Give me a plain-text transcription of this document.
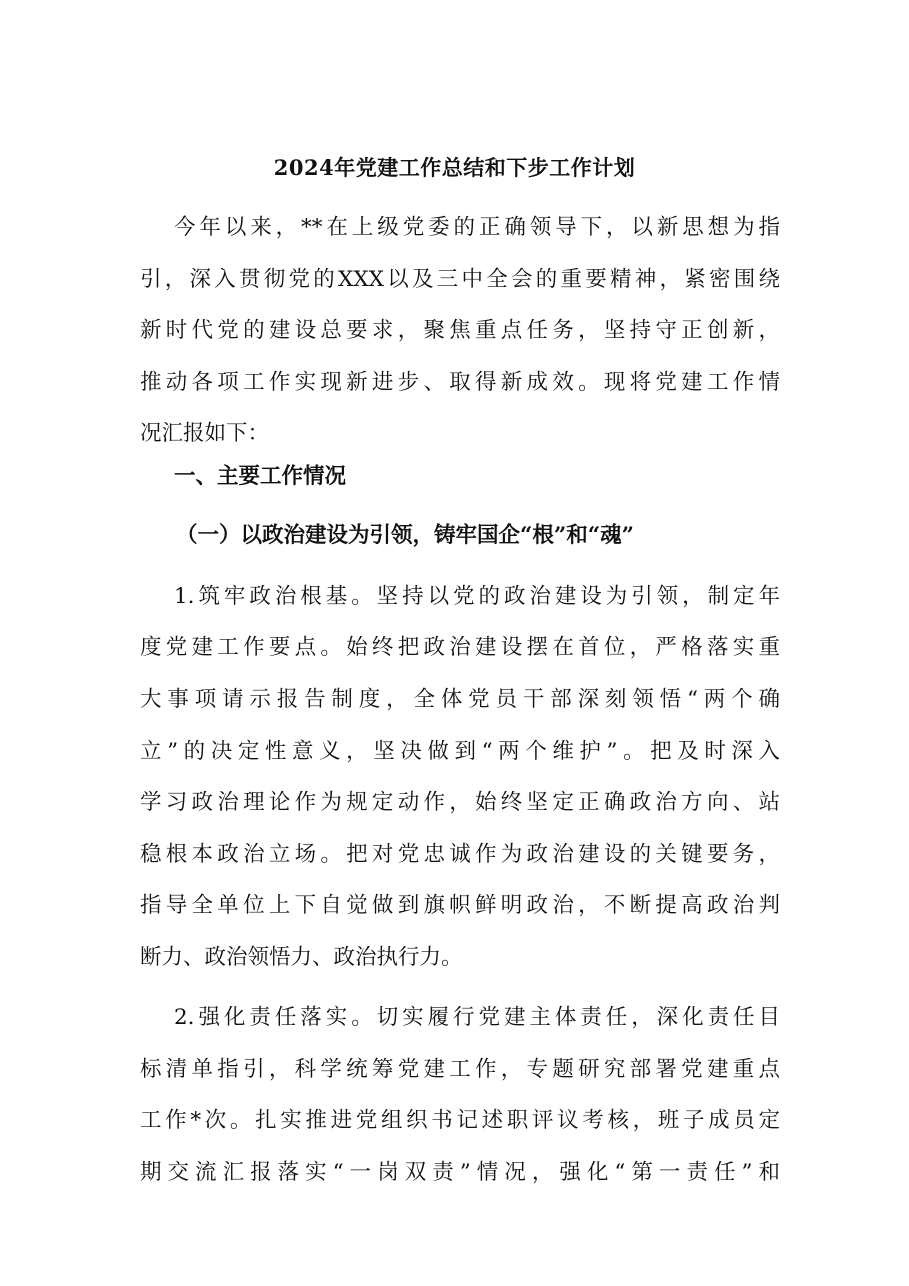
2024年党建工作总结和下步工作计划
今年以来，**在上级党委的正确领导下，以新思想为指
引，深入贯彻党的XXX以及三中全会的重要精神，紧密围绕
新时代党的建设总要求，聚焦重点任务，坚持守正创新，
推动各项工作实现新进步、取得新成效。现将党建工作情
况汇报如下：
一、主要工作情况
（一）以政治建设为引领，铸牢国企“根”和“魂”
1.筑牢政治根基。坚持以党的政治建设为引领，制定年
度党建工作要点。始终把政治建设摆在首位，严格落实重
大事项请示报告制度，全体党员干部深刻领悟“两个确
立”的决定性意义，坚决做到“两个维护”。把及时深入
学习政治理论作为规定动作，始终坚定正确政治方向、站
稳根本政治立场。把对党忠诚作为政治建设的关键要务，
指导全单位上下自觉做到旗帜鲜明政治，不断提高政治判
断力、政治领悟力、政治执行力。
2.强化责任落实。切实履行党建主体责任，深化责任目
标清单指引，科学统筹党建工作，专题研究部署党建重点
工作*次。扎实推进党组织书记述职评议考核，班子成员定
期交流汇报落实“一岗双责”情况，强化“第一责任”和
